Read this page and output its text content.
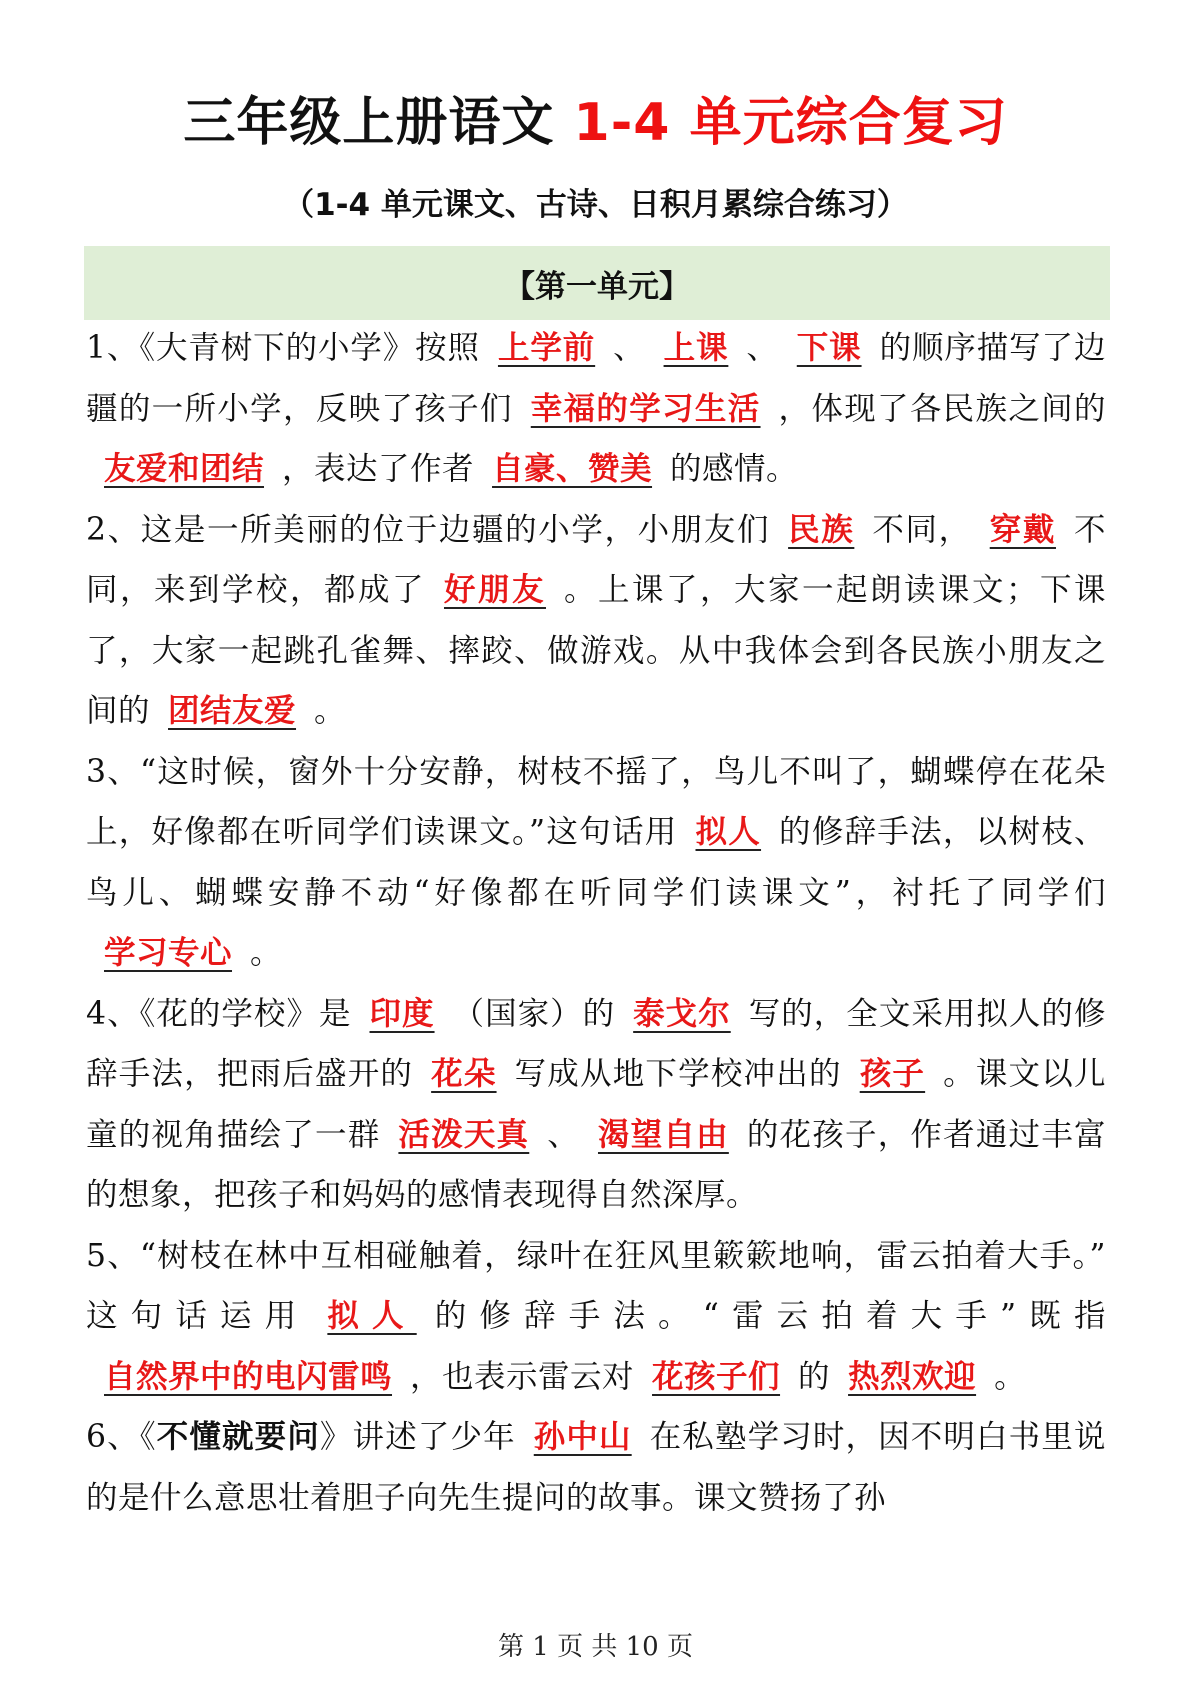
三年级上册语文 1-4 单元综合复习
（1-4 单元课文、古诗、日积月累综合练习）
【第一单元】

1、《大青树下的小学》按照 上学前 、 上课 、 下课 的顺序描写了边疆的一所小学，反映了孩子们 幸福的学习生活 ，体现了各民族之间的友爱和团结 ，表达了作者 自豪、赞美 的感情。

2、这是一所美丽的位于边疆的小学，小朋友们 民族 不同， 穿戴 不同，来到学校，都成了 好朋友 。上课了，大家一起朗读课文；下课了，大家一起跳孔雀舞、摔跤、做游戏。从中我体会到各民族小朋友之间的 团结友爱 。

3、“这时候，窗外十分安静，树枝不摇了，鸟儿不叫了，蝴蝶停在花朵上，好像都在听同学们读课文。”这句话用 拟人 的修辞手法，以树枝、鸟儿、蝴蝶安静不动“好像都在听同学们读课文”，衬托了同学们学习专心 。

4、《花的学校》是 印度 （国家）的 泰戈尔 写的，全文采用拟人的修辞手法，把雨后盛开的 花朵 写成从地下学校冲出的 孩子 。课文以儿童的视角描绘了一群 活泼天真 、 渴望自由 的花孩子，作者通过丰富的想象，把孩子和妈妈的感情表现得自然深厚。

5、“树枝在林中互相碰触着，绿叶在狂风里簌簌地响，雷云拍着大手。” 这句话运用 拟人 的修辞手法。“雷云拍着大手”既指自然界中的电闪雷鸣 ，也表示雷云对 花孩子们 的 热烈欢迎 。

6、《不懂就要问》讲述了少年 孙中山 在私塾学习时，因不明白书里说的是什么意思壮着胆子向先生提问的故事。课文赞扬了孙

第 1 页 共 10 页
